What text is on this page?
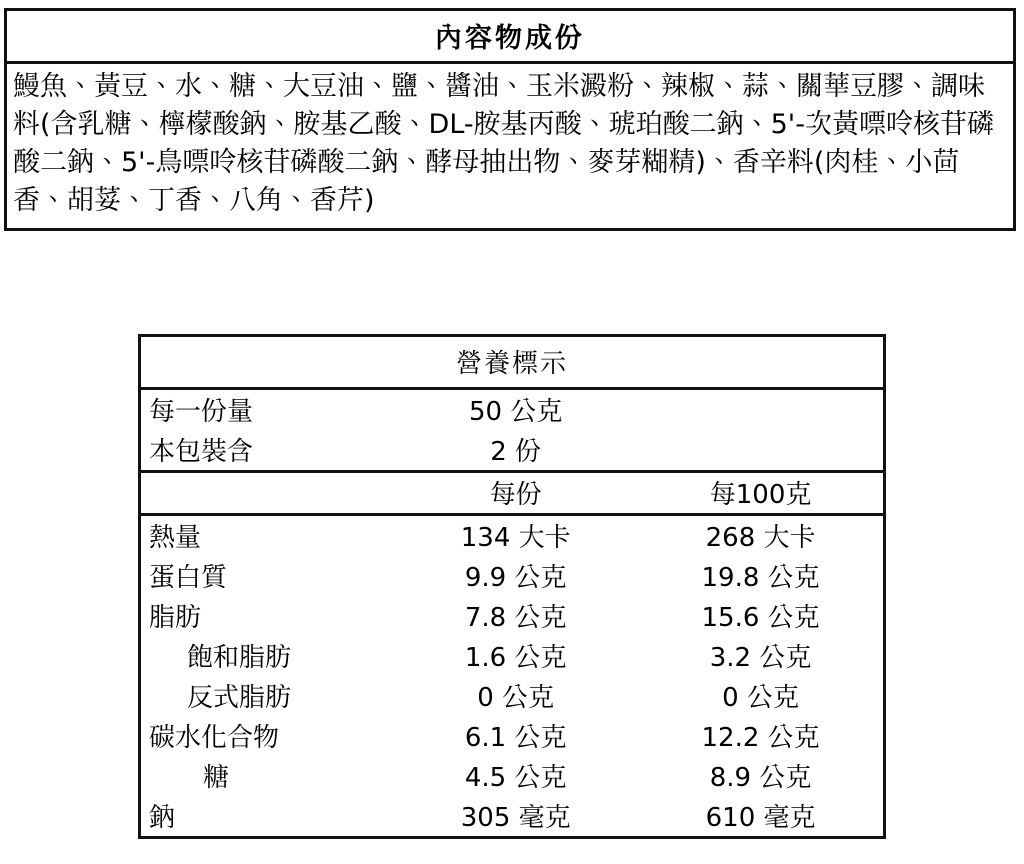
內容物成份
鰻魚、黃豆、水、糖、大豆油、鹽、醬油、玉米澱粉、辣椒、蒜、關華豆膠、調味料(含乳糖、檸檬酸鈉、胺基乙酸、DL-胺基丙酸、琥珀酸二鈉、5'-次黃嘌呤核苷磷酸二鈉、5'-鳥嘌呤核苷磷酸二鈉、酵母抽出物、麥芽糊精)、香辛料(肉桂、小茴香、胡荽、丁香、八角、香芹)
營養標示
每一份量	50 公克	
本包裝含	2 份	
	每份	每100克
熱量	134 大卡	268 大卡
蛋白質	9.9 公克	19.8 公克
脂肪	7.8 公克	15.6 公克
飽和脂肪	1.6 公克	3.2 公克
反式脂肪	0 公克	0 公克
碳水化合物	6.1 公克	12.2 公克
糖	4.5 公克	8.9 公克
鈉	305 毫克	610 毫克
